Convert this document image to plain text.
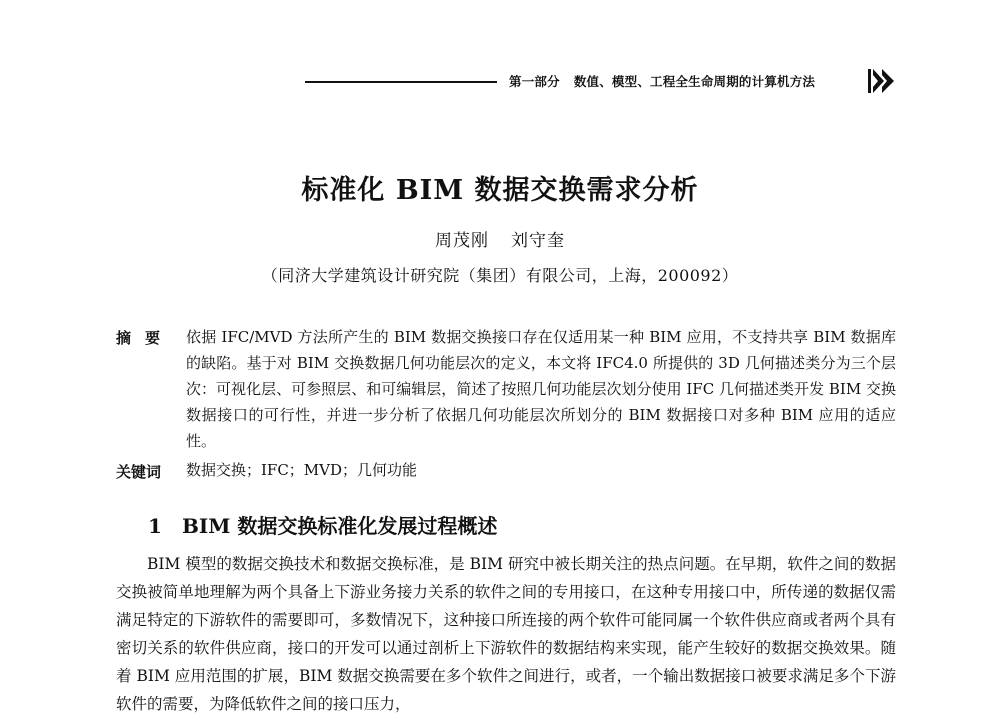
第一部分 数值、模型、工程全生命周期的计算机方法
标准化 BIM 数据交换需求分析
周茂刚 刘守奎
（同济大学建筑设计研究院（集团）有限公司，上海，200092）
摘要 依据 IFC/MVD 方法所产生的 BIM 数据交换接口存在仅适用某一种 BIM 应用，不支持共享 BIM 数据库的缺陷。基于对 BIM 交换数据几何功能层次的定义，本文将 IFC4.0 所提供的 3D 几何描述类分为三个层次：可视化层、可参照层、和可编辑层，简述了按照几何功能层次划分使用 IFC 几何描述类开发 BIM 交换数据接口的可行性，并进一步分析了依据几何功能层次所划分的 BIM 数据接口对多种 BIM 应用的适应性。
关键词 数据交换；IFC；MVD；几何功能
1 BIM 数据交换标准化发展过程概述
BIM 模型的数据交换技术和数据交换标准，是 BIM 研究中被长期关注的热点问题。在早期，软件之间的数据交换被简单地理解为两个具备上下游业务接力关系的软件之间的专用接口，在这种专用接口中，所传递的数据仅需满足特定的下游软件的需要即可，多数情况下，这种接口所连接的两个软件可能同属一个软件供应商或者两个具有密切关系的软件供应商，接口的开发可以通过剖析上下游软件的数据结构来实现，能产生较好的数据交换效果。随着 BIM 应用范围的扩展，BIM 数据交换需要在多个软件之间进行，或者，一个输出数据接口被要求满足多个下游软件的需要，为降低软件之间的接口压力，
